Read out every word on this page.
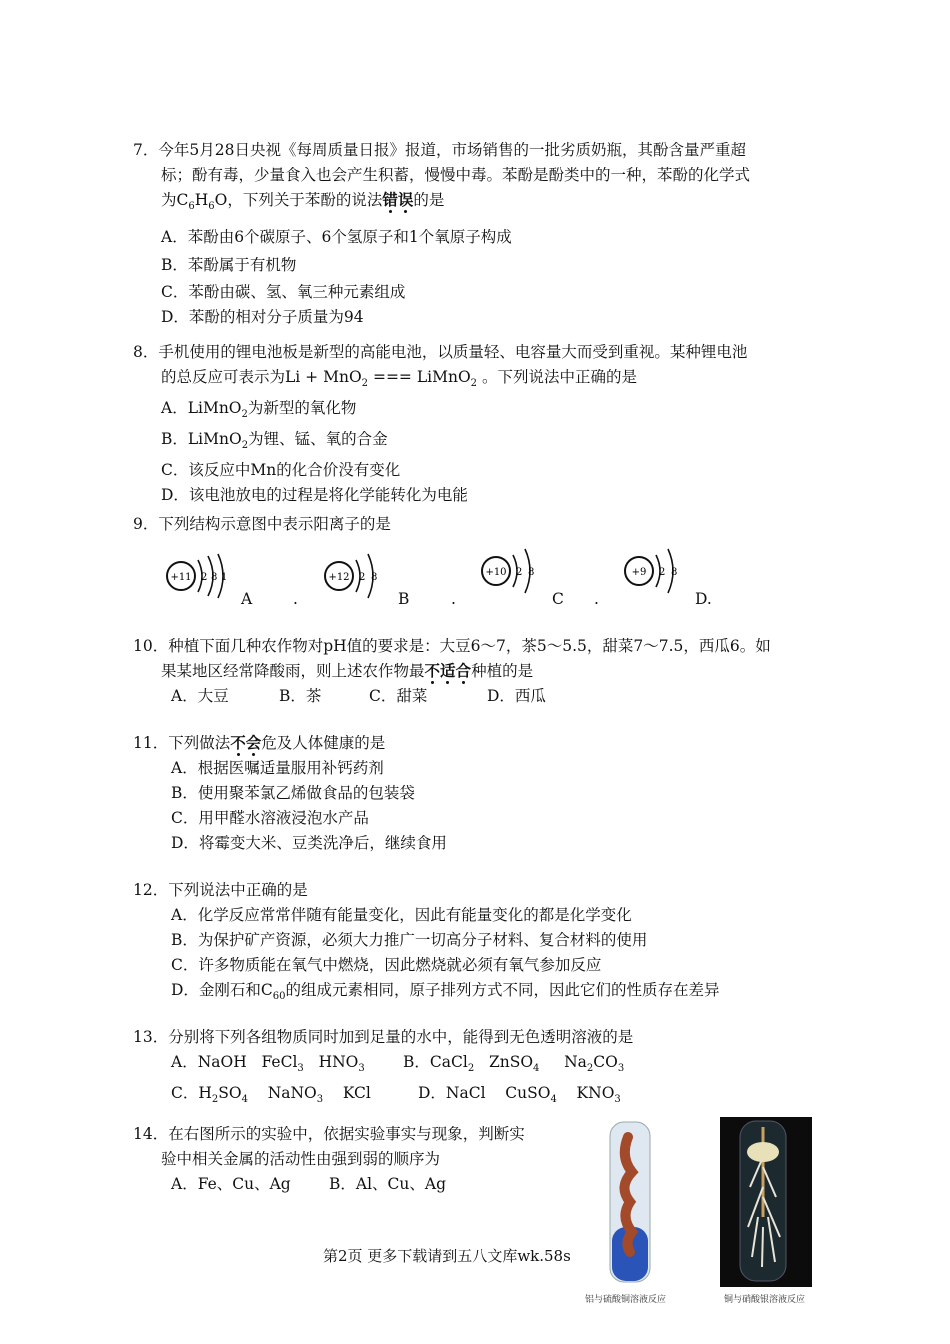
7．今年5月28日央视《每周质量日报》报道，市场销售的一批劣质奶瓶，其酚含量严重超
标；酚有毒，少量食入也会产生积蓄，慢慢中毒。苯酚是酚类中的一种，苯酚的化学式
为$C_6H_6O$，下列关于苯酚的说法错误的是
A．苯酚由6个碳原子、6个氢原子和1个氧原子构成
B．苯酚属于有机物
C．苯酚由碳、氢、氧三种元素组成
D．苯酚的相对分子质量为94
8．手机使用的锂电池板是新型的高能电池，以质量轻、电容量大而受到重视。某种锂电池
的总反应可表示为Li + MnO$_2$ === LiMnO$_2$ 。下列说法中正确的是
A．LiMnO$_2$为新型的氧化物
B．LiMnO$_2$为锂、锰、氧的合金
C．该反应中Mn的化合价没有变化
D．该电池放电的过程是将化学能转化为电能
9．下列结构示意图中表示阳离子的是
+11 2 8 1
A	.
+12 2 8
B	.
+10 2 8
C .
+9 2 8
D.
10．种植下面几种农作物对pH值的要求是：大豆6～7，茶5～5.5，甜菜7～7.5，西瓜6。如
果某地区经常降酸雨，则上述农作物最不适合种植的是
A．大豆	B．茶	C．甜菜	D．西瓜
11．下列做法不会危及人体健康的是
A．根据医嘱适量服用补钙药剂
B．使用聚苯氯乙烯做食品的包装袋
C．用甲醛水溶液浸泡水产品
D．将霉变大米、豆类洗净后，继续食用
12．下列说法中正确的是
A．化学反应常常伴随有能量变化，因此有能量变化的都是化学变化
B．为保护矿产资源，必须大力推广一切高分子材料、复合材料的使用
C．许多物质能在氧气中燃烧，因此燃烧就必须有氧气参加反应
D．金刚石和$C_{60}$的组成元素相同，原子排列方式不同，因此它们的性质存在差异
13．分别将下列各组物质同时加到足量的水中，能得到无色透明溶液的是
A．NaOH FeCl$_3$ $HNO_3$ B．CaCl$_2$ ZnSO$_4$ $Na_2CO_3$
C．$H_2SO_4$ NaNO$_3$ KCl	D．NaCl CuSO$_4$ $KNO_3$
14．在右图所示的实验中，依据实验事实与现象，判断实
验中相关金属的活动性由强到弱的顺序为
A．Fe、Cu、Ag B．Al、Cu、Ag
铝与硫酸铜溶液反应	铜与硝酸银溶液反应
第2页 更多下载请到五八文库wk.58s
